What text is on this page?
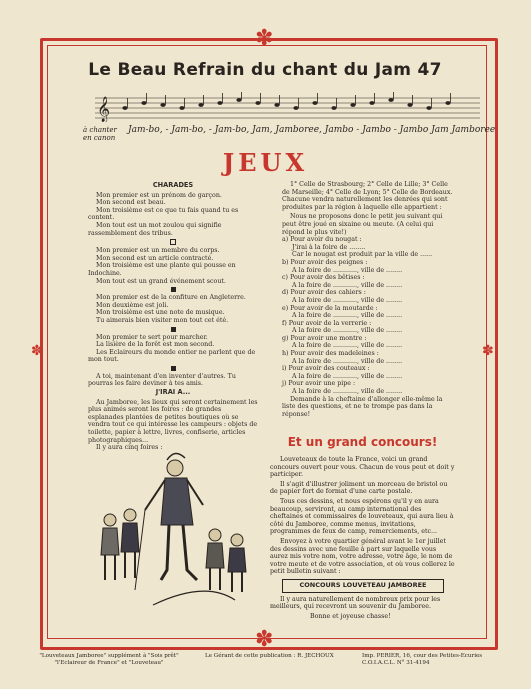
✽
✽	✽
✽
Le Beau Refrain du chant du Jam 47
𝄞
à chanter
en canon
Jam-bo, - Jam-bo, - Jam-bo, Jam, Jamboree, Jambo - Jambo - Jambo Jam Jamboree
JEUX
CHARADES

Mon premier est un prénom de garçon.

Mon second est beau.

Mon troisième est ce que tu fais quand tu es content.

Mon tout est un mot zoulou qui signifie rassemblement des tribus.

Mon premier est un membre du corps.

Mon second est un article contracté.

Mon troisième est une plante qui pousse en Indochine.

Mon tout est un grand événement scout.

Mon premier est de la confiture en Angleterre.

Mon deuxième est joli.

Mon troisième est une note de musique.

Tu aimerais bien visiter mon tout cet été.

Mon premier te sert pour marcher.

La lisière de la forêt est mon second.

Les Eclaireurs du monde entier ne parlent que de mon tout.

A toi, maintenant d'en inventer d'autres. Tu pourras les faire deviner à tes amis.

J'IRAI A...

Au Jamboree, les lieux qui seront certainement les plus animés seront les foires : de grandes esplanades plantées de petites boutiques où se vendra tout ce qui intéresse les campeurs : objets de toilette, papier à lettre, livres, confiserie, articles photographiques...

Il y aura cinq foires :

1° Celle de Strasbourg; 2° Celle de Lille; 3° Celle de Marseille; 4° Celle de Lyon; 5° Celle de Bordeaux. Chacune vendra naturellement les denrées qui sont produites par la région à laquelle elle appartient :

Nous ne proposons donc le petit jeu suivant qui peut être joué en sixaine ou meute. (A celui qui répond le plus vite!)

a) Pour avoir du nougat :

J'irai à la foire de ........

Car le nougat est produit par la ville de ......

b) Pour avoir des peignes :

A la foire de ............, ville de ........

c) Pour avoir des bêtises :

A la foire de ............, ville de ........

d) Pour avoir des cahiers :

A la foire de ............, ville de ........

e) Pour avoir de la moutarde :

A la foire de ............, ville de ........

f) Pour avoir de la verrerie :

A la foire de ............, ville de ........

g) Pour avoir une montre :

A la foire de ............, ville de ........

h) Pour avoir des madeleines :

A la foire de ............, ville de ........

i) Pour avoir des couteaux :

A la foire de ............, ville de ........

j) Pour avoir une pipe :

A la foire de ............, ville de ........

Demande à la cheftaine d'allonger elle-même la liste des questions, et ne te trompe pas dans la réponse!

Et un grand concours!

Louveteaux de toute la France, voici un grand concours ouvert pour vous. Chacun de vous peut et doit y participer.

Il s'agit d'illustrer joliment un morceau de bristol ou de papier fort de format d'une carte postale.

Tous ces dessins, et nous espérons qu'il y en aura beaucoup, serviront, au camp international des cheftaines et commissaires de louveteaux, qui aura lieu à côté du Jamboree, comme menus, invitations, programmes de feux de camp, remerciements, etc...

Envoyez à votre quartier général avant le 1er juillet des dessins avec une feuille à part sur laquelle vous aurez mis votre nom, votre adresse, votre âge, le nom de votre meute et de votre association, et où vous collerez le petit bulletin suivant :

CONCOURS LOUVETEAU JAMBOREE

Il y aura naturellement de nombreux prix pour les meilleurs, qui recevront un souvenir du Jamboree.

Bonne et joyeuse chasse!

"Louveteaux Jamboree" supplément à "Sois prêt"
"l'Eclaireur de France" et "Louveteau"
Le Gérant de cette publication : R. JECHOUX	Imp. PERIER, 16, cour des Petites-Ecuries
C.O.I.A.C.L. N° 31-4194
